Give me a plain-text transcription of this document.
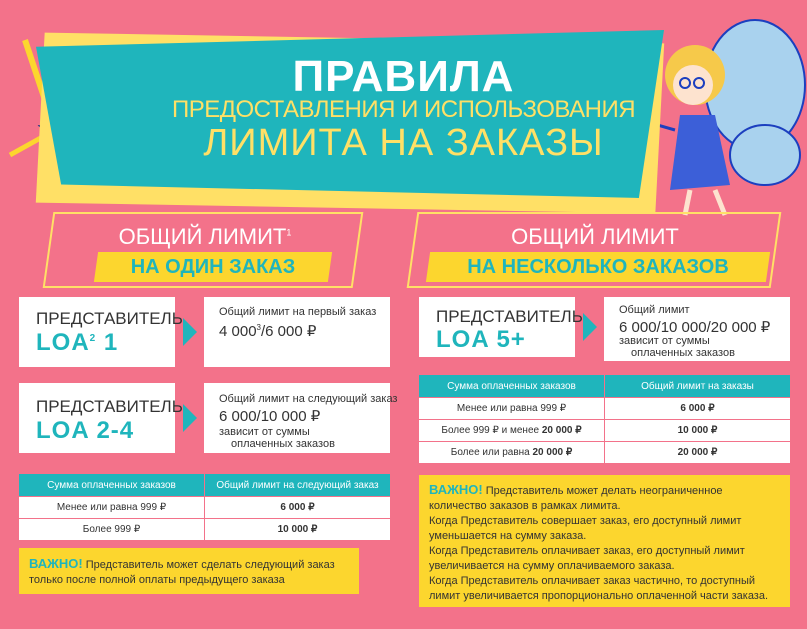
ПРАВИЛА
ПРЕДОСТАВЛЕНИЯ И ИСПОЛЬЗОВАНИЯ
ЛИМИТА НА ЗАКАЗЫ
ОБЩИЙ ЛИМИТ$^1$
НА ОДИН ЗАКАЗ
ПРЕДСТАВИТЕЛЬ
LOA$^2$ 1
Общий лимит на первый заказ
4 $000^3/6$ 000 ₽
ПРЕДСТАВИТЕЛЬ
LOA 2-4
Общий лимит на следующий заказ
6 000/10 000 ₽
зависит от суммы
оплаченных заказов
Сумма оплаченных заказов	Общий лимит на следующий заказ
Менее или равна 999 ₽	6 000 ₽
Более 999 ₽	10 000 ₽
ВАЖНО! Представитель может сделать следующий заказ
только после полной оплаты предыдущего заказа
ОБЩИЙ ЛИМИТ
НА НЕСКОЛЬКО ЗАКАЗОВ
ПРЕДСТАВИТЕЛЬ
LOA 5+
Общий лимит
6 000/10 000/20 000 ₽
зависит от суммы
оплаченных заказов
Сумма оплаченных заказов	Общий лимит на заказы
Менее или равна 999 ₽	6 000 ₽
Более 999 ₽ и менее 20 000 ₽	10 000 ₽
Более или равна 20 000 ₽	20 000 ₽
ВАЖНО! Представитель может делать неограниченное
количество заказов в рамках лимита.
Когда Представитель совершает заказ, его доступный лимит
уменьшается на сумму заказа.
Когда Представитель оплачивает заказ, его доступный лимит
увеличивается на сумму оплачиваемого заказа.
Когда Представитель оплачивает заказ частично, то доступный
лимит увеличивается пропорционально оплаченной части заказа.
